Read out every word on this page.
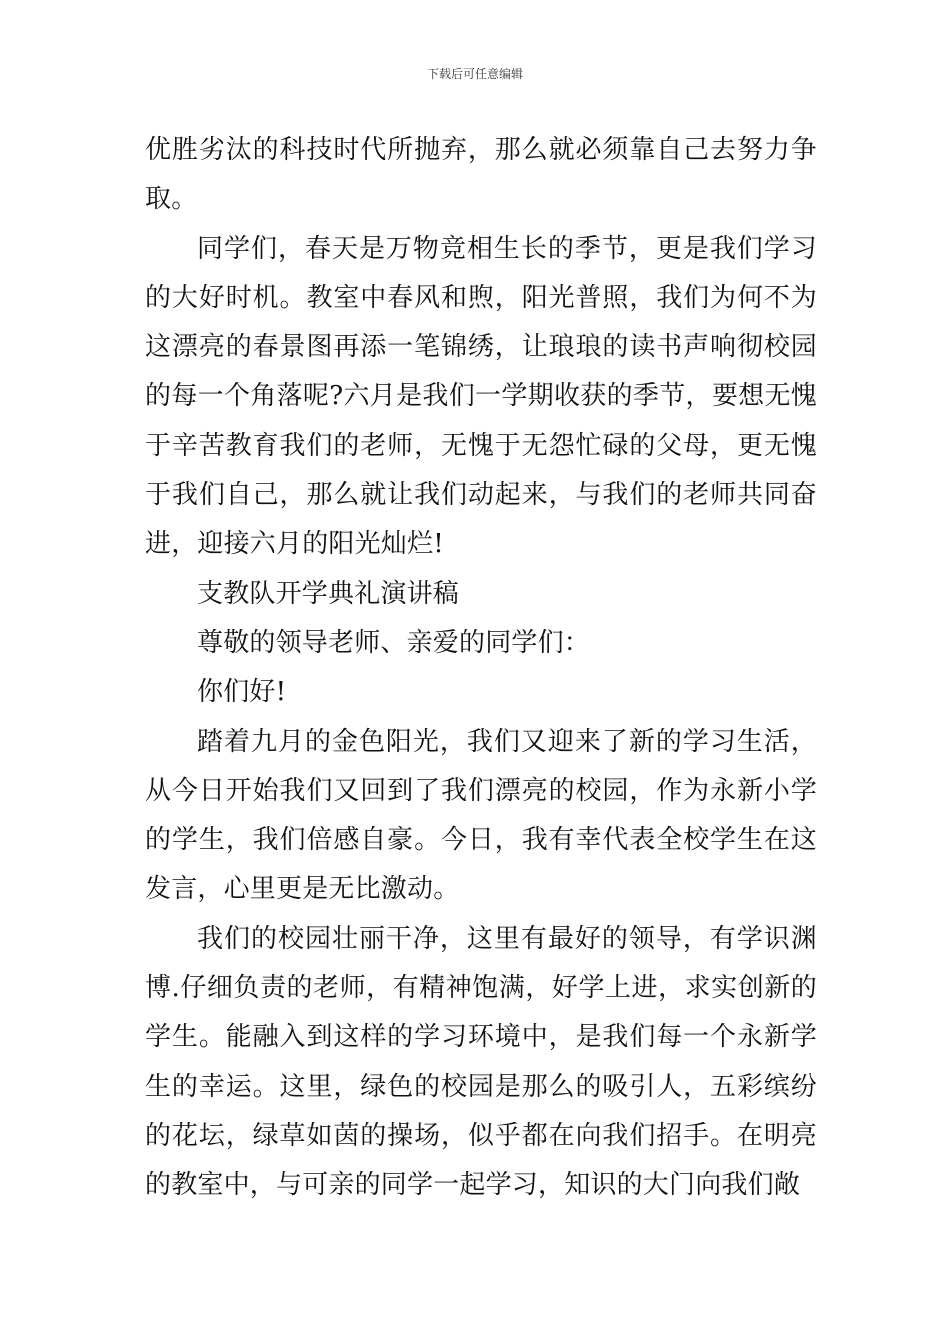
下载后可任意编辑

优胜劣汰的科技时代所抛弃，那么就必须靠自己去努力争取。

同学们，春天是万物竞相生长的季节，更是我们学习的大好时机。教室中春风和煦，阳光普照，我们为何不为这漂亮的春景图再添一笔锦绣，让琅琅的读书声响彻校园的每一个角落呢?六月是我们一学期收获的季节，要想无愧于辛苦教育我们的老师，无愧于无怨忙碌的父母，更无愧于我们自己，那么就让我们动起来，与我们的老师共同奋进，迎接六月的阳光灿烂!

支教队开学典礼演讲稿

尊敬的领导老师、亲爱的同学们：

你们好!

踏着九月的金色阳光，我们又迎来了新的学习生活，从今日开始我们又回到了我们漂亮的校园，作为永新小学的学生，我们倍感自豪。今日，我有幸代表全校学生在这发言，心里更是无比激动。

我们的校园壮丽干净，这里有最好的领导，有学识渊博.仔细负责的老师，有精神饱满，好学上进，求实创新的学生。能融入到这样的学习环境中，是我们每一个永新学生的幸运。这里，绿色的校园是那么的吸引人，五彩缤纷的花坛，绿草如茵的操场，似乎都在向我们招手。在明亮的教室中，与可亲的同学一起学习，知识的大门向我们敞
